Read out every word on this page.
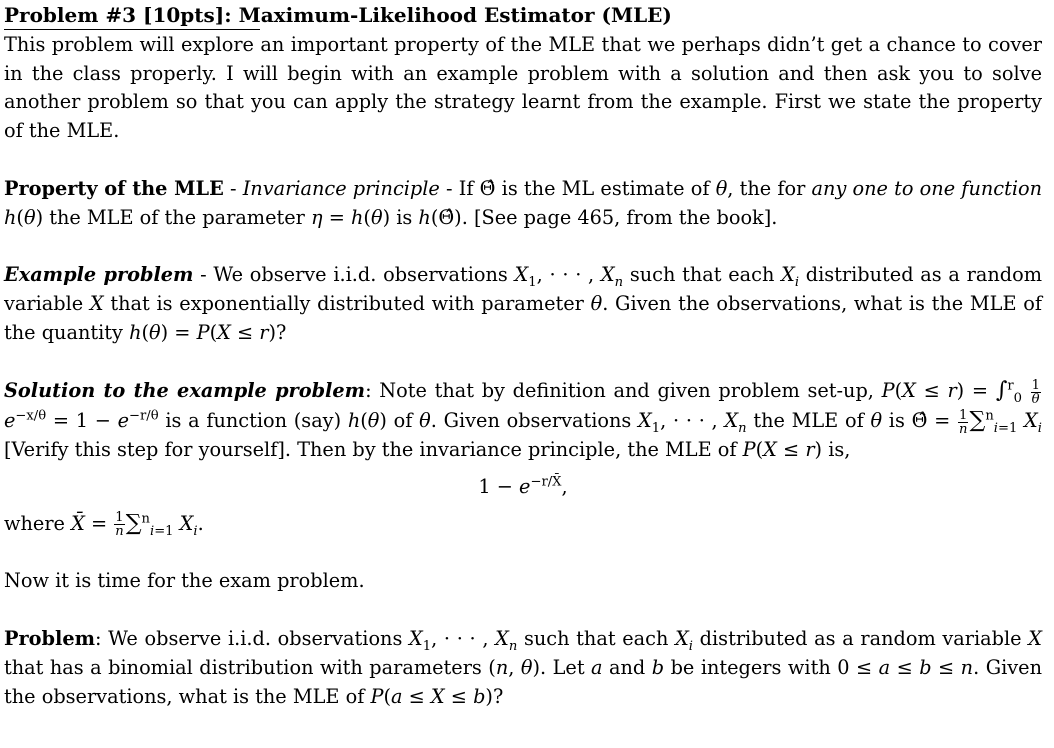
Problem #3 [10pts]: Maximum-Likelihood Estimator (MLE)

This problem will explore an important property of the MLE that we perhaps didn’t get a chance to cover in the class properly. I will begin with an example problem with a solution and then ask you to solve another problem so that you can apply the strategy learnt from the example. First we state the property of the MLE.

Property of the MLE - Invariance principle - If Θ̂ is the ML estimate of θ, the for any one to one function h(θ) the MLE of the parameter η = h(θ) is h(Θ̂). [See page 465, from the book].

Example problem - We observe i.i.d. observations $X_1$, · · · , $X_n$ such that each $X_i$ distributed as a random variable X that is exponentially distributed with parameter θ. Given the observations, what is the MLE of the quantity h(θ) = P(X ≤ r)?

Solution to the example problem: Note that by definition and given problem set-up, $P(X \le r) = \int^r_0 \frac{1}{\theta}$
$e^{-x/\theta} = 1 - e^{-r/\theta}$ is a function (say) h(θ) of θ. Given observations $X_1$, · · · , $X_n$ the MLE of θ is Θ̂ = $\frac{1}{n} \sum^n_{i=1}$ $X_i$ [Verify this step for yourself]. Then by the invariance principle, the MLE of P(X ≤ r) is,

$1 - e^{-r/X̄}$,

where X̄ = $\frac{1}{n} \sum^n_{i=1}$ $X_i$.

Now it is time for the exam problem.

Problem: We observe i.i.d. observations $X_1$, · · · , $X_n$ such that each $X_i$ distributed as a random variable X that has a binomial distribution with parameters (n, θ). Let a and b be integers with 0 ≤ a ≤ b ≤ n. Given the observations, what is the MLE of P(a ≤ X ≤ b)?
